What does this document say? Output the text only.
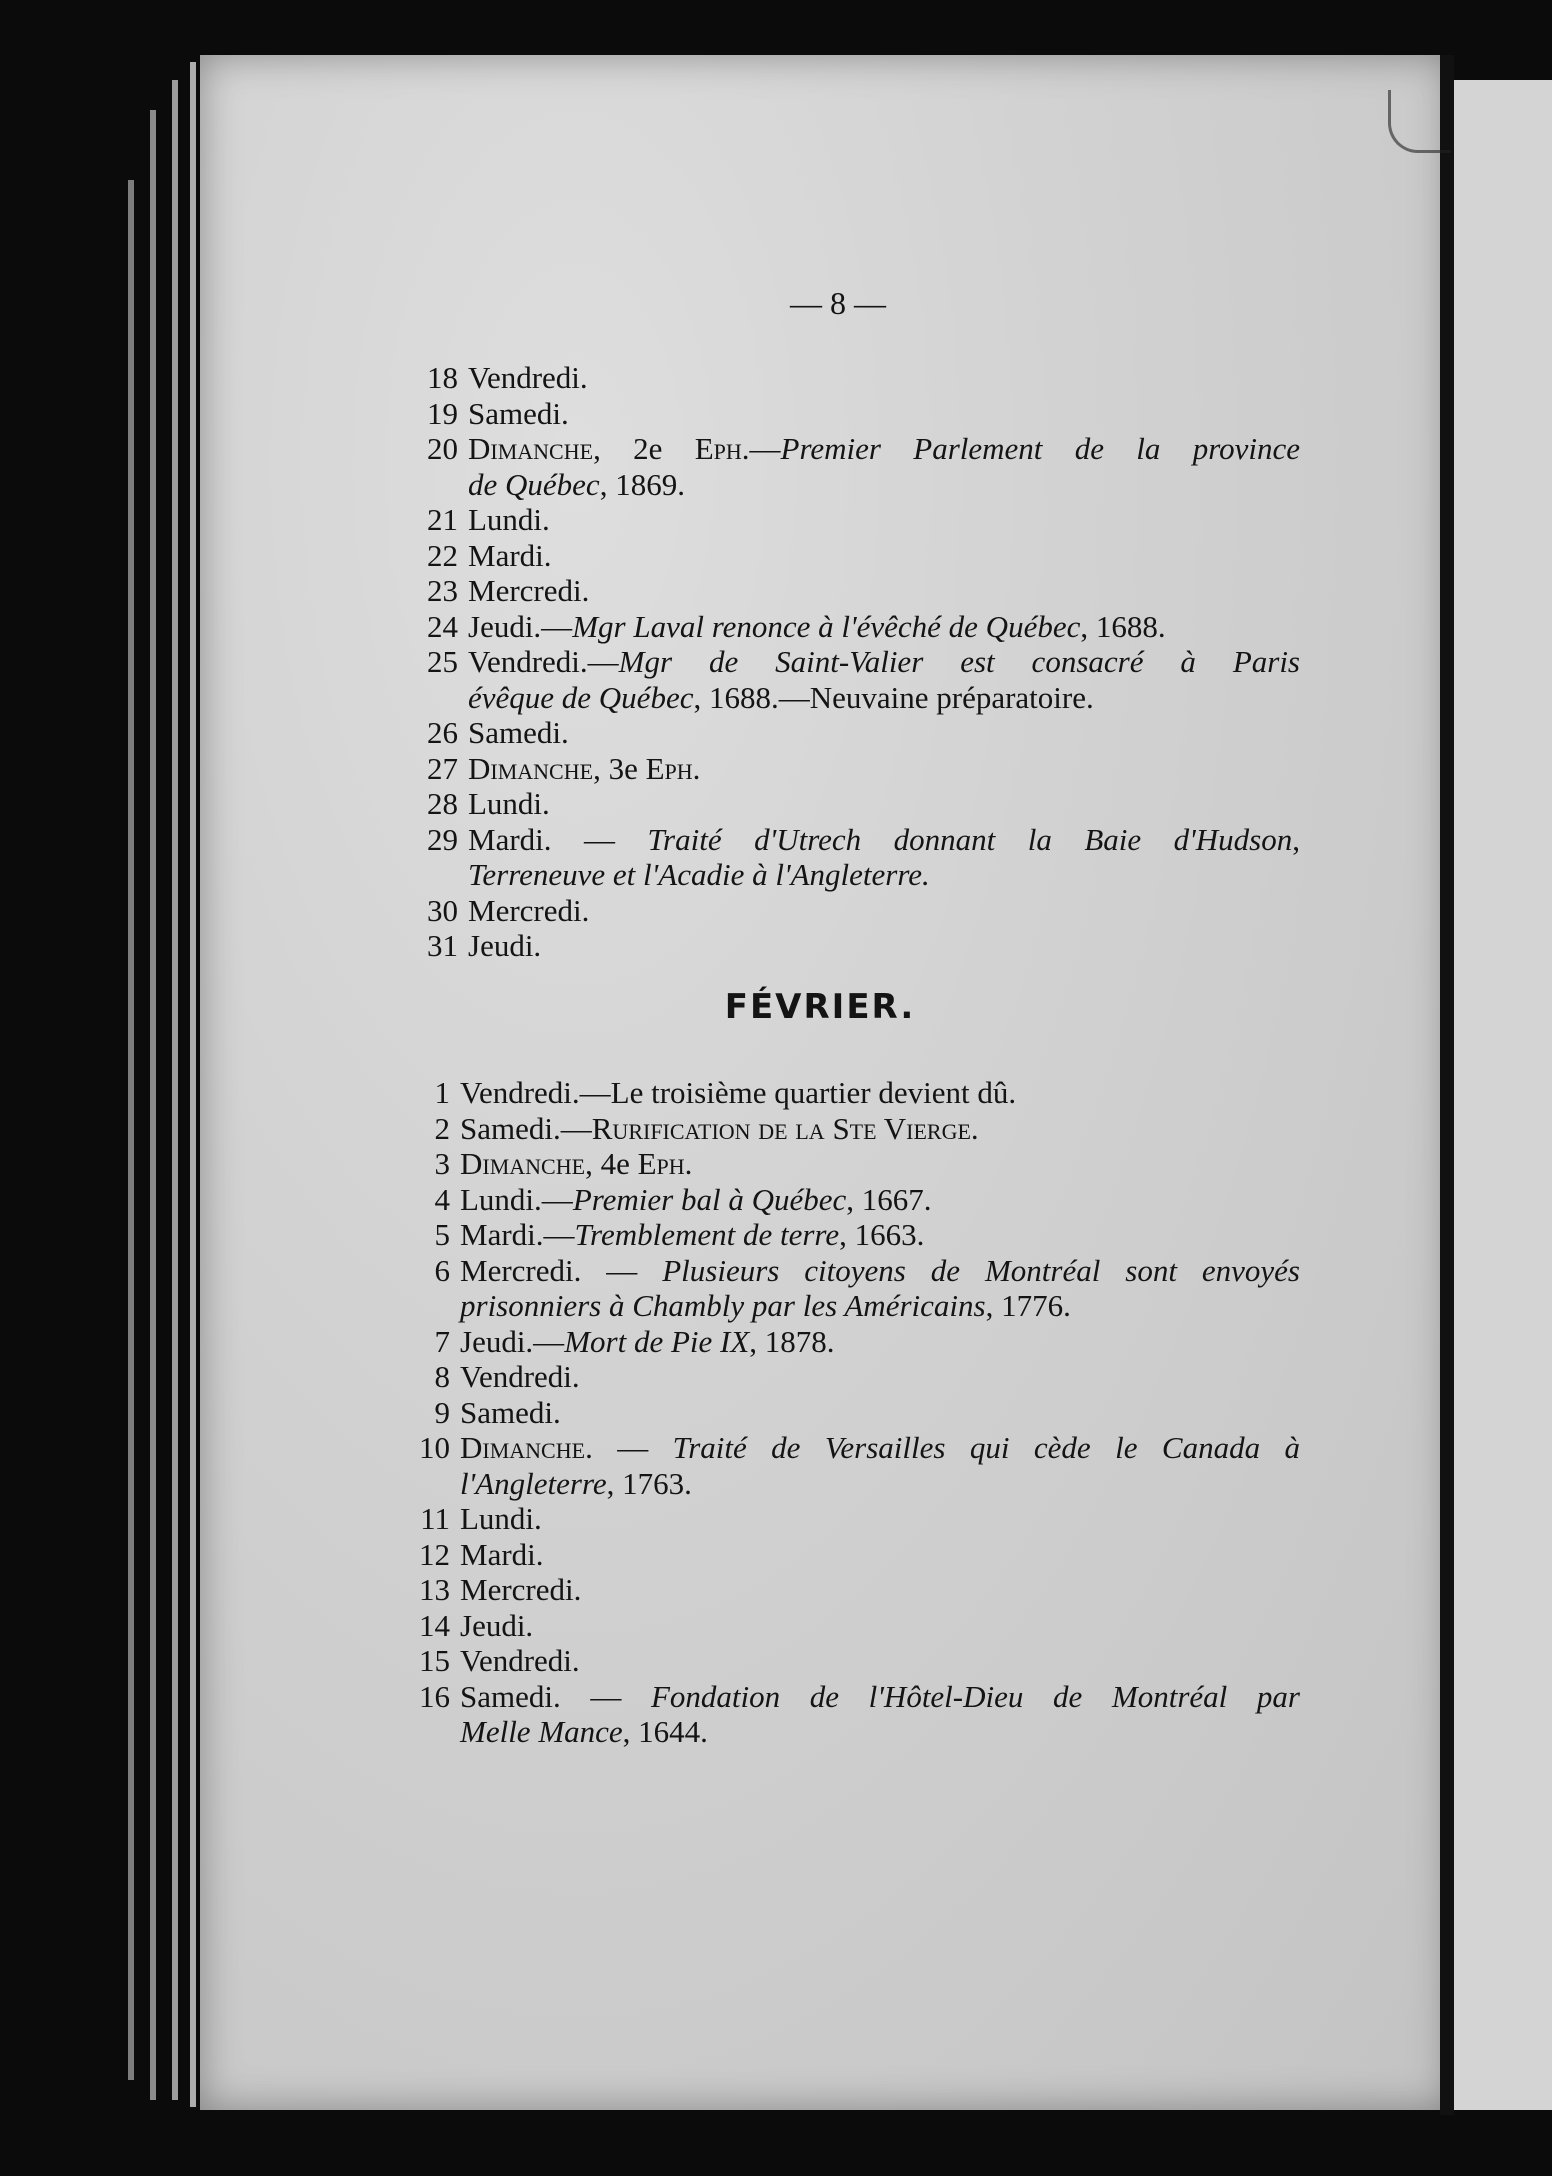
— 8 —
18 Vendredi.
19 Samedi.
20 Dimanche, 2e Eph.—Premier Parlement de la province
de Québec, 1869.
21 Lundi.
22 Mardi.
23 Mercredi.
24 Jeudi.—Mgr Laval renonce à l'évêché de Québec, 1688.
25 Vendredi.—Mgr de Saint-Valier est consacré à Paris
évêque de Québec, 1688.—Neuvaine préparatoire.
26 Samedi.
27 Dimanche, 3e Eph.
28 Lundi.
29 Mardi. — Traité d'Utrech donnant la Baie d'Hudson,
Terreneuve et l'Acadie à l'Angleterre.
30 Mercredi.
31 Jeudi.
FÉVRIER.
1 Vendredi.—Le troisième quartier devient dû.
2 Samedi.—Rurification de la Ste Vierge.
3 Dimanche, 4e Eph.
4 Lundi.—Premier bal à Québec, 1667.
5 Mardi.—Tremblement de terre, 1663.
6 Mercredi. — Plusieurs citoyens de Montréal sont envoyés
prisonniers à Chambly par les Américains, 1776.
7 Jeudi.—Mort de Pie IX, 1878.
8 Vendredi.
9 Samedi.
10 Dimanche. — Traité de Versailles qui cède le Canada à
l'Angleterre, 1763.
11 Lundi.
12 Mardi.
13 Mercredi.
14 Jeudi.
15 Vendredi.
16 Samedi. — Fondation de l'Hôtel-Dieu de Montréal par
Melle Mance, 1644.
